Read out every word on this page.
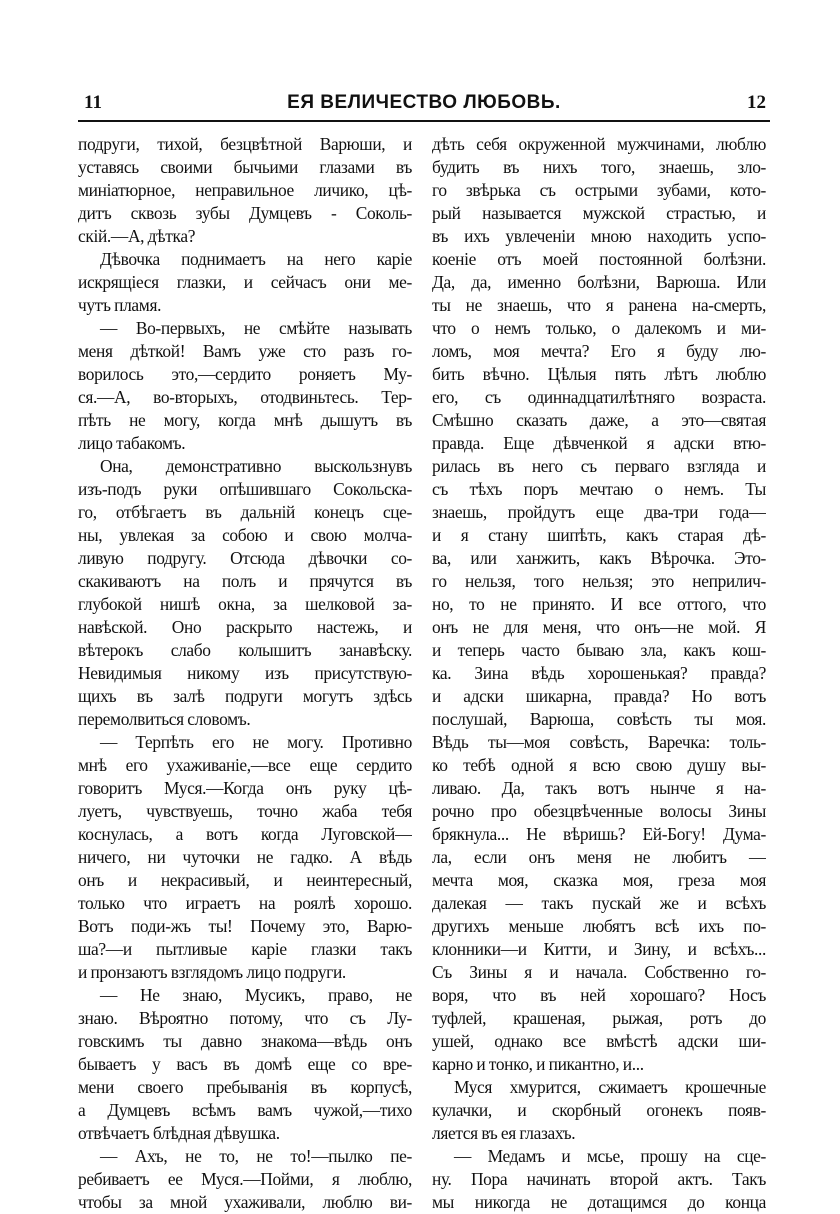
11	ЕЯ ВЕЛИЧЕСТВО ЛЮБОВЬ.	12
подруги, тихой, безцвѣтной Варюши, и
уставясь своими бычьими глазами въ
миніатюрное, неправильное личико, цѣ-
дитъ сквозь зубы Думцевъ - Соколь-
скій.—А, дѣтка?
Дѣвочка поднимаетъ на него каріе
искрящіеся глазки, и сейчасъ они ме-
чутъ пламя.
— Во-первыхъ, не смѣйте называть
меня дѣткой! Вамъ уже сто разъ го-
ворилось это,—сердито роняетъ Му-
ся.—А, во-вторыхъ, отодвиньтесь. Тер-
пѣть не могу, когда мнѣ дышутъ въ
лицо табакомъ.
Она, демонстративно выскользнувъ
изъ-подъ руки опѣшившаго Сокольска-
го, отбѣгаетъ въ дальній конецъ сце-
ны, увлекая за собою и свою молча-
ливую подругу. Отсюда дѣвочки со-
скакиваютъ на полъ и прячутся въ
глубокой нишѣ окна, за шелковой за-
навѣской. Оно раскрыто настежь, и
вѣтерокъ слабо колышитъ занавѣску.
Невидимыя никому изъ присутствую-
щихъ въ залѣ подруги могутъ здѣсь
перемолвиться словомъ.
— Терпѣть его не могу. Противно
мнѣ его ухаживаніе,—все еще сердито
говоритъ Муся.—Когда онъ руку цѣ-
луетъ, чувствуешь, точно жаба тебя
коснулась, а вотъ когда Луговской—
ничего, ни чуточки не гадко. А вѣдь
онъ и некрасивый, и неинтересный,
только что играетъ на роялѣ хорошо.
Вотъ поди-жъ ты! Почему это, Варю-
ша?—и пытливые каріе глазки такъ
и пронзаютъ взглядомъ лицо подруги.
— Не знаю, Мусикъ, право, не
знаю. Вѣроятно потому, что съ Лу-
говскимъ ты давно знакома—вѣдь онъ
бываетъ у васъ въ домѣ еще со вре-
мени своего пребыванія въ корпусѣ,
а Думцевъ всѣмъ вамъ чужой,—тихо
отвѣчаетъ блѣдная дѣвушка.
— Ахъ, не то, не то!—пылко пе-
ребиваетъ ее Муся.—Пойми, я люблю,
чтобы за мной ухаживали, люблю ви-
дѣть себя окруженной мужчинами, люблю
будить въ нихъ того, знаешь, зло-
го звѣрька съ острыми зубами, кото-
рый называется мужской страстью, и
въ ихъ увлеченіи мною находить успо-
коеніе отъ моей постоянной болѣзни.
Да, да, именно болѣзни, Варюша. Или
ты не знаешь, что я ранена на-смерть,
что о немъ только, о далекомъ и ми-
ломъ, моя мечта? Его я буду лю-
бить вѣчно. Цѣлыя пять лѣтъ люблю
его, съ одиннадцатилѣтняго возраста.
Смѣшно сказать даже, а это—святая
правда. Еще дѣвченкой я адски втю-
рилась въ него съ перваго взгляда и
съ тѣхъ поръ мечтаю о немъ. Ты
знаешь, пройдутъ еще два-три года—
и я стану шипѣть, какъ старая дѣ-
ва, или ханжить, какъ Вѣрочка. Это-
го нельзя, того нельзя; это неприлич-
но, то не принято. И все оттого, что
онъ не для меня, что онъ—не мой. Я
и теперь часто бываю зла, какъ кош-
ка. Зина вѣдь хорошенькая? правда?
и адски шикарна, правда? Но вотъ
послушай, Варюша, совѣсть ты моя.
Вѣдь ты—моя совѣсть, Варечка: толь-
ко тебѣ одной я всю свою душу вы-
ливаю. Да, такъ вотъ нынче я на-
рочно про обезцвѣченные волосы Зины
брякнула... Не вѣришь? Ей-Богу! Дума-
ла, если онъ меня не любитъ —
мечта моя, сказка моя, греза моя
далекая — такъ пускай же и всѣхъ
другихъ меньше любятъ всѣ ихъ по-
клонники—и Китти, и Зину, и всѣхъ...
Съ Зины я и начала. Собственно го-
воря, что въ ней хорошаго? Носъ
туфлей, крашеная, рыжая, ротъ до
ушей, однако все вмѣстѣ адски ши-
карно и тонко, и пикантно, и...
Муся хмурится, сжимаетъ крошечные
кулачки, и скорбный огонекъ появ-
ляется въ ея глазахъ.
— Медамъ и мсье, прошу на сце-
ну. Пора начинать второй актъ. Такъ
мы никогда не дотащимся до конца
